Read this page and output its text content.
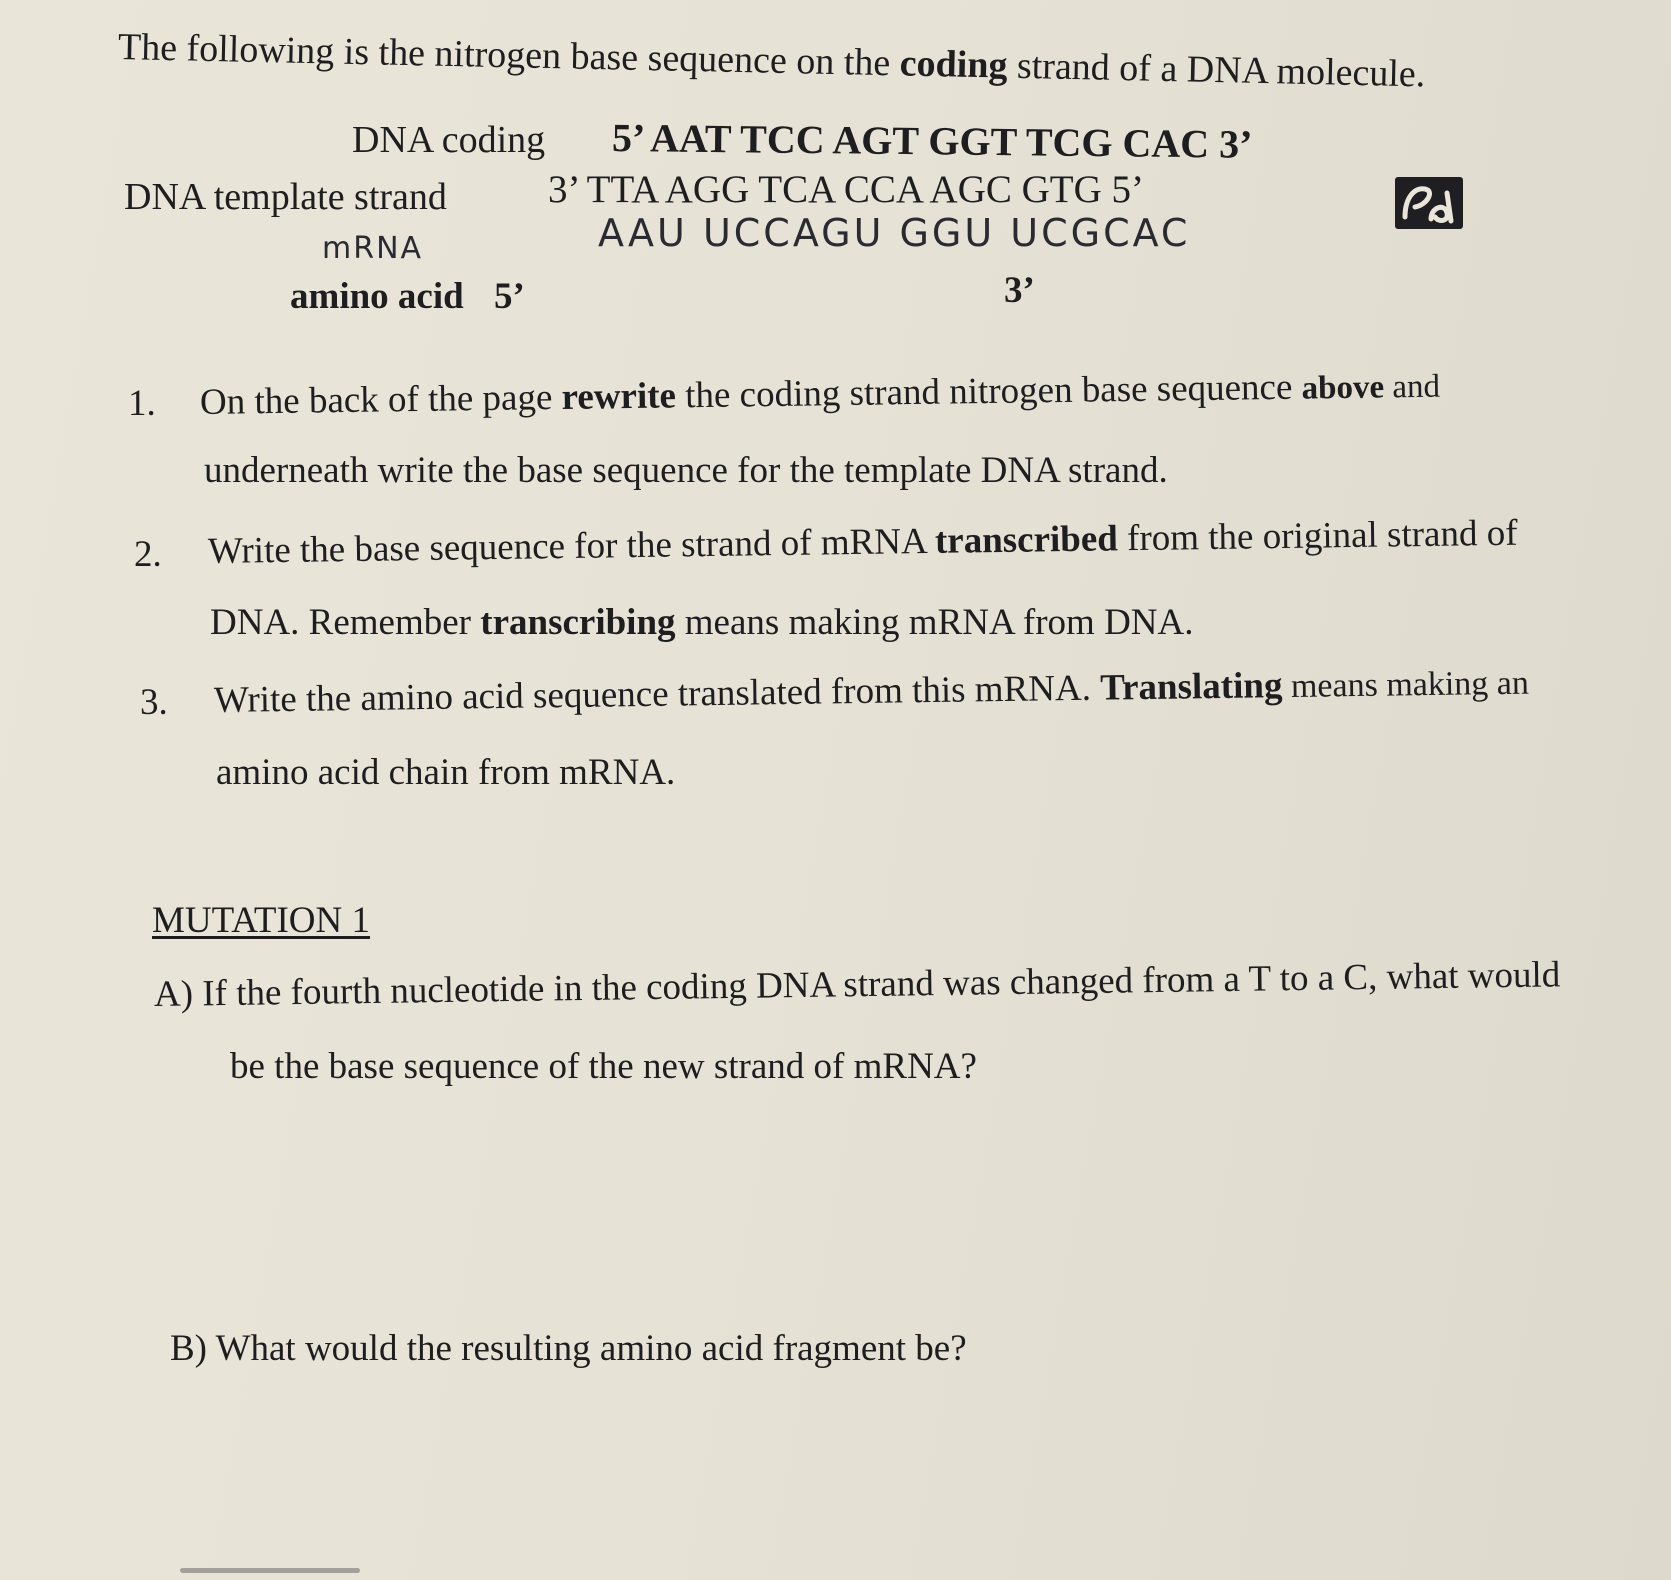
The following is the nitrogen base sequence on the coding strand of a DNA molecule.
DNA coding 5’ AAT TCC AGT GGT TCG CAC 3’
DNA template strand	3’ TTA AGG TCA CCA AGC GTG 5’
mRNA	AAU UCCAGU GGU UCGCAC
amino acid 5’	3’
1. On the back of the page rewrite the coding strand nitrogen base sequence above and
underneath write the base sequence for the template DNA strand.
2. Write the base sequence for the strand of mRNA transcribed from the original strand of
DNA. Remember transcribing means making mRNA from DNA.
3. Write the amino acid sequence translated from this mRNA. Translating means making an
amino acid chain from mRNA.
MUTATION 1
A) If the fourth nucleotide in the coding DNA strand was changed from a T to a C, what would
be the base sequence of the new strand of mRNA?
B) What would the resulting amino acid fragment be?
